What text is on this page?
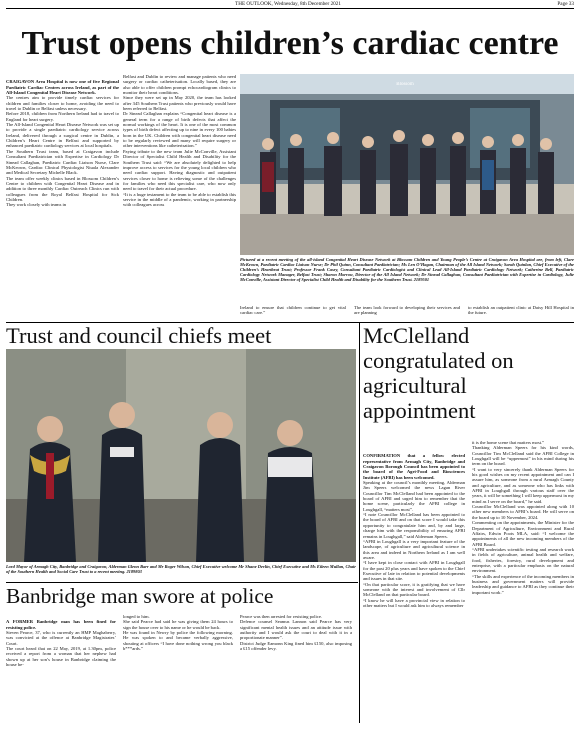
THE OUTLOOK, Wednesday, 8th December 2021	Page 33
Trust opens children’s cardiac centre

CRAIGAVON Area Hospital is now one of five Regional Paediatric Cardiac Centres across Ireland, as part of the All-Island Congenital Heart Disease Network.
The centres aim to provide timely cardiac services for children and families closer to home, avoiding the need to travel to Dublin or Belfast unless necessary.
Before 2018, children from Northern Ireland had to travel to England for heart surgery.
The All-Island Congenital Heart Disease Network was set up to provide a single paediatric cardiology service across Ireland, delivered through a surgical centre in Dublin, a Children’s Heart Centre in Belfast and supported by enhanced paediatric cardiology services at local hospitals.
The Southern Trust team, based at Craigavon include Consultant Paediatrician with Expertise in Cardiology Dr Sinead Callaghan, Paediatric Cardiac Liaison Nurse, Clare McKeown, Cardiac Clinical Physiologist Niuala Alexander and Medical Secretary Michelle Black.
The team offer weekly clinics based in Blossom Children’s Centre to children with Congenital Heart Disease and in addition to three monthly Cardiac Outreach Clinics run with colleagues from the Royal Belfast Hospital for Sick Children.
They work closely with teams in

Belfast and Dublin to review and manage patients who need surgery or cardiac catheterisation. Locally based, they are also able to offer children prompt echocardiogram clinics to monitor their heart conditions.
Since they were set up in May 2020, the team has looked after 345 Southern Trust patients who previously would have been referred to Belfast.
Dr Sinead Callaghan explains “Congenital heart disease is a general term for a range of birth defects that affect the normal workings of the heart. It is one of the most common types of birth defect affecting up to nine in every 100 babies born in the UK. Children with congenital heart disease need to be regularly reviewed and many will require surgery or other interventions like catheterisation.”
Paying tribute to the new team Julie McConville, Assistant Director of Specialist Child Health and Disability for the Southern Trust said: “We are absolutely delighted to help improve access to services for the young local children who need cardiac support. Having diagnostic and outpatient services closer to home is relieving some of the challenges for families who need this specialist care, who now only need to travel for their actual procedure.
“It is a huge testament to the team to be able to establish this service in the middle of a pandemic, working in partnership with colleagues across
Blossom
Pictured at a recent meeting of the all-island Congenital Heart Disease Network at Blossom Children and Young People’s Centre at Craigavon Area Hospital are, from left, Clare McKeown, Paediatric Cardiac Liaison Nurse; Dr Phil Quinn, Consultant Paediatrician; Ms Len O’Hagan, Chairman of the All Island Network; Sarah Quinlan, Chief Executive of the Children’s Heartbeat Trust; Professor Frank Casey, Consultant Paediatric Cardiologist and Clinical Lead All-Island Paediatric Cardiology Network; Catherine Bell, Paediatric Cardiology Network Manager, Belfast Trust; Sharon Morrow, Director of the All Island Network; Dr Sinead Callaghan, Consultant Paediatrician with Expertise in Cardiology, Julie McConville, Assistant Director of Specialist Child Health and Disability for the Southern Trust. 2189501
Ireland to ensure that children continue to get vital cardiac care.”
The team look forward to developing their services and are planning
to establish an outpatient clinic at Daisy Hill Hospital in the future.
Trust and council chiefs meet
Lord Mayor of Armagh City, Banbridge and Craigavon, Alderman Glenn Barr and Mr Roger Wilson, Chief Executive welcome Mr Shane Devlin, Chief Executive and Ms Eileen Mullan, Chair of the Southern Health and Social Care Trust to a recent meeting. 2189803
McClelland congratulated on agricultural appointment

CONFIRMATION that a fellow elected representative from Armagh City, Banbridge and Craigavon Borough Council has been appointed to the board of the Agri-Food and Biosciences Institute (AFBI) has been welcomed.
Speaking at the council’s monthly meeting, Alderman Jim Speers welcomed the news Lagan River Councillor Tim McClelland had been appointed to the board of AFBI and urged him to remember that the home scene, particularly the AFBI college in Loughgall, “matters most”.
“I note Councillor McClelland has been appointed to the board of AFBI and on that score I would take this opportunity to congratulate him and, by and large, charge him with the responsibility of ensuring AFBI remains in Loughgall,” said Alderman Speers.
“AFBI in Loughgall is a very important feature of the landscape, of agriculture and agricultural science in this area and indeed in Northern Ireland as I am well aware.
“I have kept in close contact with AFBI in Loughgall for the past 20 plus years and have spoken to the Chief Executive of late in relation to potential developments and issues in that site.
“On that particular score, it is gratifying that we have someone with the interest and involvement of Cllr McClelland on that particular board.
“I know he will have a provincial view in relation to other matters but I would ask him to always remember

it is the home scene that matters most.”
Thanking Alderman Speers for his kind words, Councillor Tim McClelland said the AFBI College in Loughgall will be “uppermost” in his mind during his term on the board.
“I want to very sincerely thank Alderman Speers for his good wishes on my recent appointment and can I assure him, as someone from a rural Armagh County and agriculture, and as someone who has links with AFBI in Loughgall through various staff over the years, it will be something I will keep uppermost in my mind as I serve on the board,” he said.
Councillor McClelland was appointed along with 10 other new members to AFBI’s board. He will serve on the board up to 10 November, 2024.
Commenting on the appointments, the Minister for the Department of Agriculture, Environment and Rural Affairs, Edwin Poots MLA, said: “I welcome the appointments of all the new incoming members of the AFBI Board.
“AFBI undertakes scientific testing and research work in fields of agriculture, animal health and welfare, food, fisheries, forestry, rural development and enterprise, with a particular emphasis on the natural environment.
“The skills and experience of the incoming members in business and government matters will provide leadership and guidance to AFBI as they continue their important work.”
Banbridge man swore at police

A FORMER Banbridge man has been fined for resisting police.
Steven Pearce, 37, who is currently an HMP Maghaberry, was convicted at the offence at Banbridge Magistrates’ Court.
The court heard that on 22 May, 2019, at 1.30pm, police received a report from a woman that her nephew had shown up at her son’s house in Banbridge claiming the house be-

longed to him.
She said Pearce had said he was giving them 24 hours to sign the house over to his name or he would be back.
He was found in Newry by police the following morning. He was spoken to and became verbally aggressive, shouting at officers “I have done nothing wrong you black b***ards.”
Pearce was then arrested for resisting police.
Defence counsel Seamus Lannon said Pearce has very significant mental health issues and an attitude issue with authority and I would ask the court to deal with it in a proportionate manner”.
District Judge Eamonn King fined him £150, also imposing a £15 offender levy.
